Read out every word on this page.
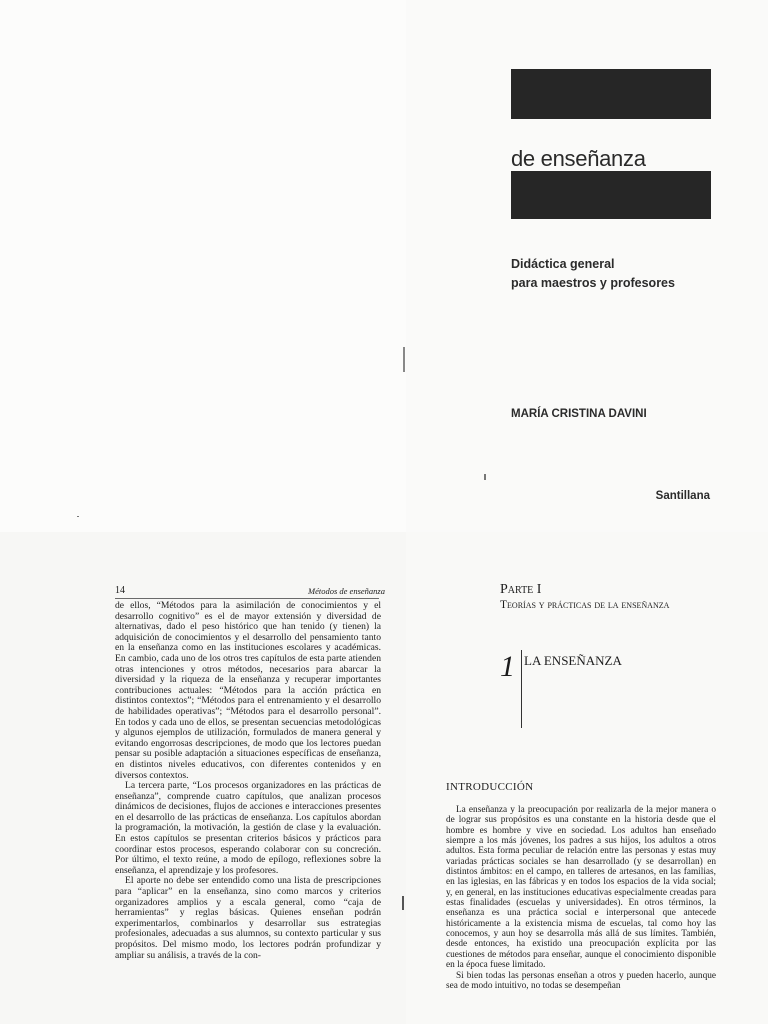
de enseñanza
Didáctica general
para maestros y profesores
MARÍA CRISTINA DAVINI
Santillana
14	Métodos de enseñanza

de ellos, “Métodos para la asimilación de conocimientos y el desarrollo cognitivo” es el de mayor extensión y diversidad de alternativas, dado el peso histórico que han tenido (y tienen) la adquisición de conocimientos y el desarrollo del pensamiento tanto en la enseñanza como en las instituciones escolares y académicas. En cambio, cada uno de los otros tres capítulos de esta parte atienden otras intenciones y otros métodos, necesarios para abarcar la diversidad y la riqueza de la enseñanza y recuperar importantes contribuciones actuales: “Métodos para la acción práctica en distintos contextos”; “Métodos para el entrenamiento y el desarrollo de habilidades operativas”; “Métodos para el desarrollo personal”. En todos y cada uno de ellos, se presentan secuencias metodológicas y algunos ejemplos de utilización, formulados de manera general y evitando engorrosas descripciones, de modo que los lectores puedan pensar su posible adaptación a situaciones específicas de enseñanza, en distintos niveles educativos, con diferentes contenidos y en diversos contextos.

La tercera parte, “Los procesos organizadores en las prácticas de enseñanza”, comprende cuatro capítulos, que analizan procesos dinámicos de decisiones, flujos de acciones e interacciones presentes en el desarrollo de las prácticas de enseñanza. Los capítulos abordan la programación, la motivación, la gestión de clase y la evaluación. En estos capítulos se presentan criterios básicos y prácticos para coordinar estos procesos, esperando colaborar con su concreción. Por último, el texto reúne, a modo de epílogo, reflexiones sobre la enseñanza, el aprendizaje y los profesores.

El aporte no debe ser entendido como una lista de prescripciones para “aplicar” en la enseñanza, sino como marcos y criterios organizadores amplios y a escala general, como “caja de herramientas” y reglas básicas. Quienes enseñan podrán experimentarlos, combinarlos y desarrollar sus estrategias profesionales, adecuadas a sus alumnos, su contexto particular y sus propósitos. Del mismo modo, los lectores podrán profundizar y ampliar su análisis, a través de la con-

Parte I
Teorías y prácticas de la enseñanza
1 LA ENSEÑANZA
INTRODUCCIÓN

La enseñanza y la preocupación por realizarla de la mejor manera o de lograr sus propósitos es una constante en la historia desde que el hombre es hombre y vive en sociedad. Los adultos han enseñado siempre a los más jóvenes, los padres a sus hijos, los adultos a otros adultos. Esta forma peculiar de relación entre las personas y estas muy variadas prácticas sociales se han desarrollado (y se desarrollan) en distintos ámbitos: en el campo, en talleres de artesanos, en las familias, en las iglesias, en las fábricas y en todos los espacios de la vida social; y, en general, en las instituciones educativas especialmente creadas para estas finalidades (escuelas y universidades). En otros términos, la enseñanza es una práctica social e interpersonal que antecede históricamente a la existencia misma de escuelas, tal como hoy las conocemos, y aun hoy se desarrolla más allá de sus límites. También, desde entonces, ha existido una preocupación explícita por las cuestiones de métodos para enseñar, aunque el conocimiento disponible en la época fuese limitado.

Si bien todas las personas enseñan a otros y pueden hacerlo, aunque sea de modo intuitivo, no todas se desempeñan
